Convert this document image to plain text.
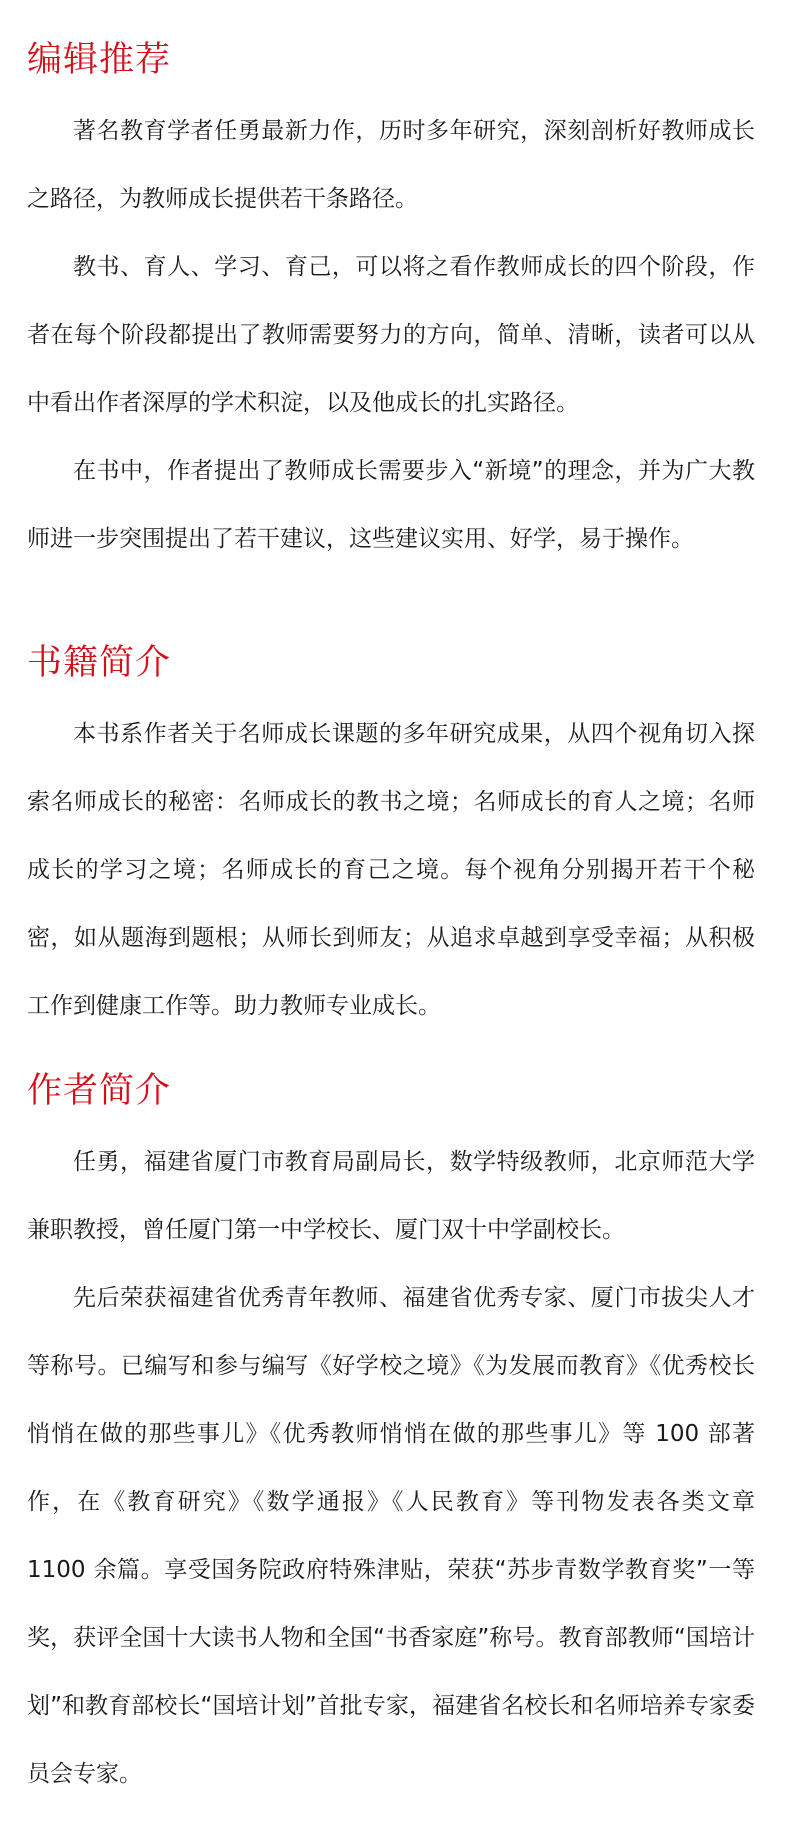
编辑推荐

著名教育学者任勇最新力作，历时多年研究，深刻剖析好教师成长之路径，为教师成长提供若干条路径。

教书、育人、学习、育己，可以将之看作教师成长的四个阶段，作者在每个阶段都提出了教师需要努力的方向，简单、清晰，读者可以从中看出作者深厚的学术积淀，以及他成长的扎实路径。

在书中，作者提出了教师成长需要步入“新境”的理念，并为广大教师进一步突围提出了若干建议，这些建议实用、好学，易于操作。

书籍简介

本书系作者关于名师成长课题的多年研究成果，从四个视角切入探索名师成长的秘密：名师成长的教书之境；名师成长的育人之境；名师成长的学习之境；名师成长的育己之境。每个视角分别揭开若干个秘密，如从题海到题根；从师长到师友；从追求卓越到享受幸福；从积极工作到健康工作等。助力教师专业成长。

作者简介

任勇，福建省厦门市教育局副局长，数学特级教师，北京师范大学兼职教授，曾任厦门第一中学校长、厦门双十中学副校长。

先后荣获福建省优秀青年教师、福建省优秀专家、厦门市拔尖人才等称号。已编写和参与编写《好学校之境》《为发展而教育》《优秀校长悄悄在做的那些事儿》《优秀教师悄悄在做的那些事儿》等 100 部著作，在《教育研究》《数学通报》《人民教育》等刊物发表各类文章 1100 余篇。享受国务院政府特殊津贴，荣获“苏步青数学教育奖”一等奖，获评全国十大读书人物和全国“书香家庭”称号。教育部教师“国培计划”和教育部校长“国培计划”首批专家，福建省名校长和名师培养专家委员会专家。
